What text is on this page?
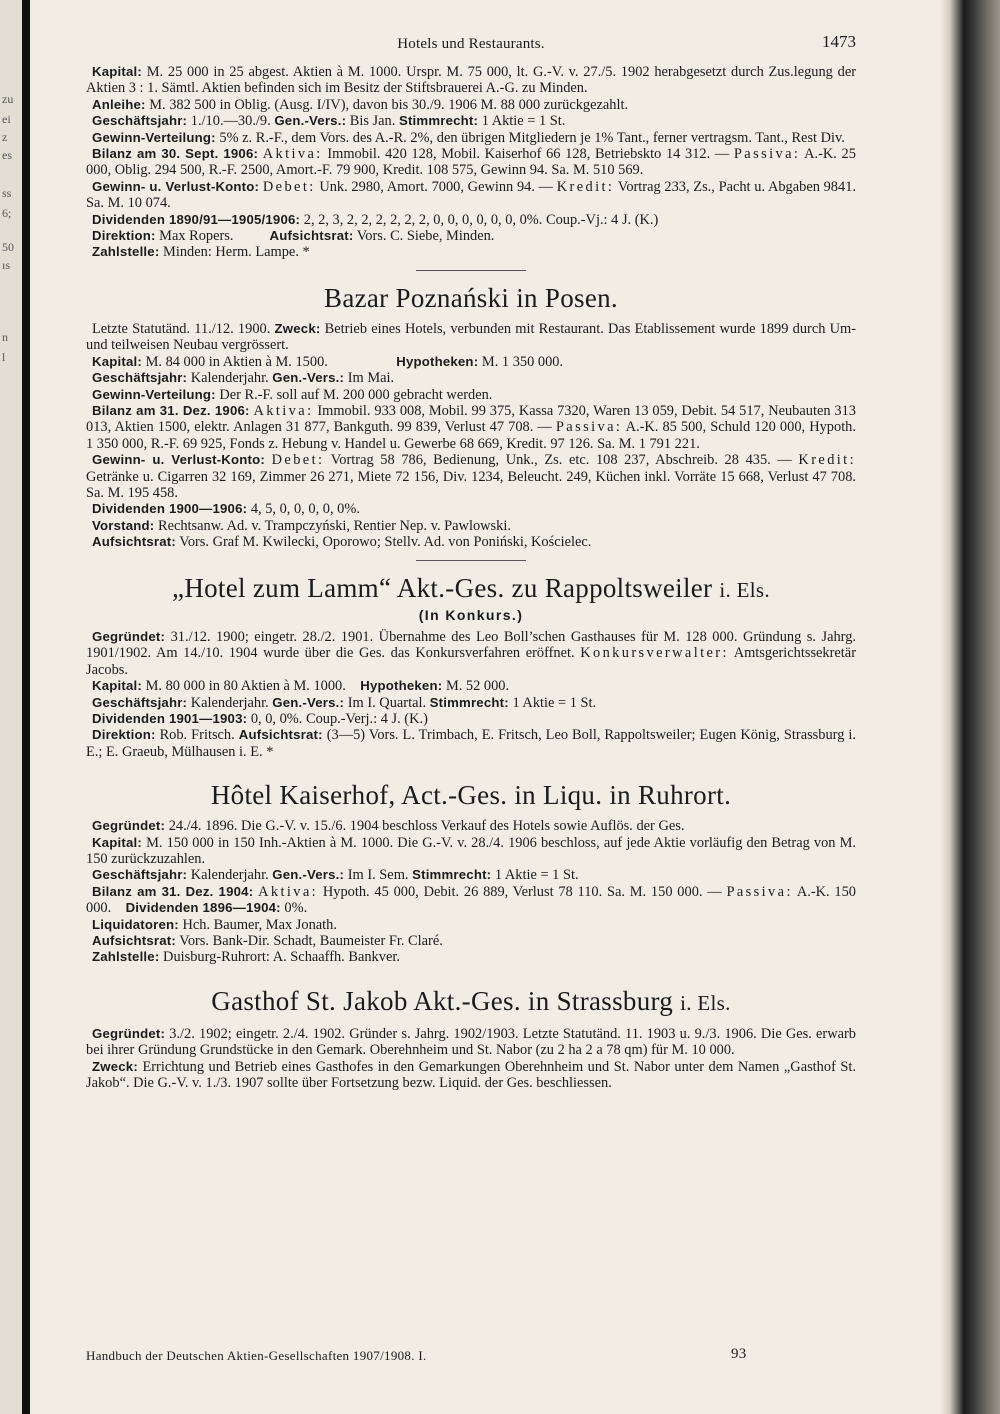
zu
ei
z
es
ss
6;
50
ıs
n
l
Hotels und Restaurants.	1473

Kapital: M. 25 000 in 25 abgest. Aktien à M. 1000. Urspr. M. 75 000, lt. G.-V. v. 27./5. 1902 herabgesetzt durch Zus.legung der Aktien 3 : 1. Sämtl. Aktien befinden sich im Besitz der Stiftsbrauerei A.-G. zu Minden.

Anleihe: M. 382 500 in Oblig. (Ausg. I/IV), davon bis 30./9. 1906 M. 88 000 zurückgezahlt.

Geschäftsjahr: 1./10.—30./9. Gen.-Vers.: Bis Jan. Stimmrecht: 1 Aktie = 1 St.

Gewinn-Verteilung: 5% z. R.-F., dem Vors. des A.-R. 2%, den übrigen Mitgliedern je 1% Tant., ferner vertragsm. Tant., Rest Div.

Bilanz am 30. Sept. 1906: Aktiva: Immobil. 420 128, Mobil. Kaiserhof 66 128, Betriebskto 14 312. — Passiva: A.-K. 25 000, Oblig. 294 500, R.-F. 2500, Amort.-F. 79 900, Kredit. 108 575, Gewinn 94. Sa. M. 510 569.

Gewinn- u. Verlust-Konto: Debet: Unk. 2980, Amort. 7000, Gewinn 94. — Kredit: Vortrag 233, Zs., Pacht u. Abgaben 9841. Sa. M. 10 074.

Dividenden 1890/91—1905/1906: 2, 2, 3, 2, 2, 2, 2, 2, 2, 0, 0, 0, 0, 0, 0, 0%. Coup.-Vj.: 4 J. (K.)

Direktion: Max Ropers.	Aufsichtsrat: Vors. C. Siebe, Minden.

Zahlstelle: Minden: Herm. Lampe. *

Bazar Poznański in Posen.

Letzte Statutänd. 11./12. 1900. Zweck: Betrieb eines Hotels, verbunden mit Restaurant. Das Etablissement wurde 1899 durch Um- und teilweisen Neubau vergrössert.

Kapital: M. 84 000 in Aktien à M. 1500.	Hypotheken: M. 1 350 000.

Geschäftsjahr: Kalenderjahr. Gen.-Vers.: Im Mai.

Gewinn-Verteilung: Der R.-F. soll auf M. 200 000 gebracht werden.

Bilanz am 31. Dez. 1906: Aktiva: Immobil. 933 008, Mobil. 99 375, Kassa 7320, Waren 13 059, Debit. 54 517, Neubauten 313 013, Aktien 1500, elektr. Anlagen 31 877, Bankguth. 99 839, Verlust 47 708. — Passiva: A.-K. 85 500, Schuld 120 000, Hypoth. 1 350 000, R.-F. 69 925, Fonds z. Hebung v. Handel u. Gewerbe 68 669, Kredit. 97 126. Sa. M. 1 791 221.

Gewinn- u. Verlust-Konto: Debet: Vortrag 58 786, Bedienung, Unk., Zs. etc. 108 237, Abschreib. 28 435. — Kredit: Getränke u. Cigarren 32 169, Zimmer 26 271, Miete 72 156, Div. 1234, Beleucht. 249, Küchen inkl. Vorräte 15 668, Verlust 47 708. Sa. M. 195 458.

Dividenden 1900—1906: 4, 5, 0, 0, 0, 0, 0%.

Vorstand: Rechtsanw. Ad. v. Trampczyński, Rentier Nep. v. Pawlowski.

Aufsichtsrat: Vors. Graf M. Kwilecki, Oporowo; Stellv. Ad. von Poniński, Kościelec.

„Hotel zum Lamm“ Akt.-Ges. zu Rappoltsweiler i. Els.
(In Konkurs.)

Gegründet: 31./12. 1900; eingetr. 28./2. 1901. Übernahme des Leo Boll’schen Gasthauses für M. 128 000. Gründung s. Jahrg. 1901/1902. Am 14./10. 1904 wurde über die Ges. das Konkursverfahren eröffnet. Konkursverwalter: Amtsgerichtssekretär Jacobs.

Kapital: M. 80 000 in 80 Aktien à M. 1000. Hypotheken: M. 52 000.

Geschäftsjahr: Kalenderjahr. Gen.-Vers.: Im I. Quartal. Stimmrecht: 1 Aktie = 1 St.

Dividenden 1901—1903: 0, 0, 0%. Coup.-Verj.: 4 J. (K.)

Direktion: Rob. Fritsch. Aufsichtsrat: (3—5) Vors. L. Trimbach, E. Fritsch, Leo Boll, Rappoltsweiler; Eugen König, Strassburg i. E.; E. Graeub, Mülhausen i. E. *

Hôtel Kaiserhof, Act.-Ges. in Liqu. in Ruhrort.

Gegründet: 24./4. 1896. Die G.-V. v. 15./6. 1904 beschloss Verkauf des Hotels sowie Auflös. der Ges.

Kapital: M. 150 000 in 150 Inh.-Aktien à M. 1000. Die G.-V. v. 28./4. 1906 beschloss, auf jede Aktie vorläufig den Betrag von M. 150 zurückzuzahlen.

Geschäftsjahr: Kalenderjahr. Gen.-Vers.: Im I. Sem. Stimmrecht: 1 Aktie = 1 St.

Bilanz am 31. Dez. 1904: Aktiva: Hypoth. 45 000, Debit. 26 889, Verlust 78 110. Sa. M. 150 000. — Passiva: A.-K. 150 000. Dividenden 1896—1904: 0%.

Liquidatoren: Hch. Baumer, Max Jonath.

Aufsichtsrat: Vors. Bank-Dir. Schadt, Baumeister Fr. Claré.

Zahlstelle: Duisburg-Ruhrort: A. Schaaffh. Bankver.

Gasthof St. Jakob Akt.-Ges. in Strassburg i. Els.

Gegründet: 3./2. 1902; eingetr. 2./4. 1902. Gründer s. Jahrg. 1902/1903. Letzte Statutänd. 11. 1903 u. 9./3. 1906. Die Ges. erwarb bei ihrer Gründung Grundstücke in den Gemark. Oberehnheim und St. Nabor (zu 2 ha 2 a 78 qm) für M. 10 000.

Zweck: Errichtung und Betrieb eines Gasthofes in den Gemarkungen Oberehnheim und St. Nabor unter dem Namen „Gasthof St. Jakob“. Die G.-V. v. 1./3. 1907 sollte über Fortsetzung bezw. Liquid. der Ges. beschliessen.

Handbuch der Deutschen Aktien-Gesellschaften 1907/1908. I.	93
